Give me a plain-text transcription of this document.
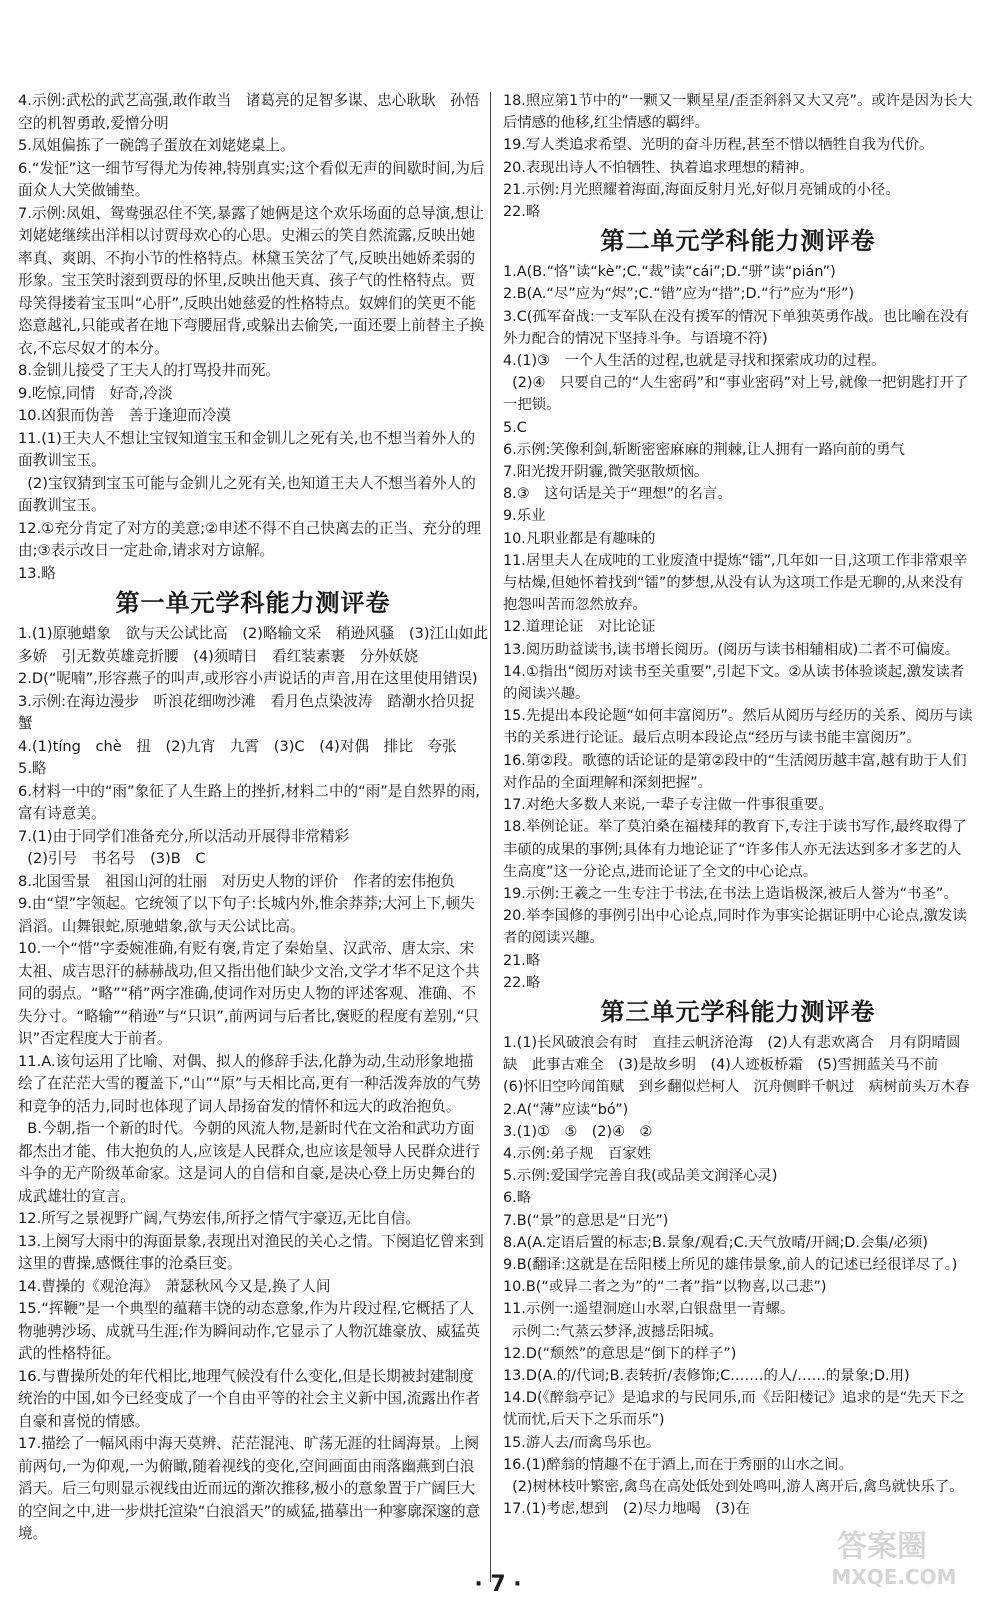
4.示例:武松的武艺高强,敢作敢当　诸葛亮的足智多谋、忠心耿耿　孙悟空的机智勇敢,爱憎分明
5.凤姐偏拣了一碗鸽子蛋放在刘姥姥桌上。
6.“发怔”这一细节写得尤为传神,特别真实;这个看似无声的间歇时间,为后面众人大笑做铺垫。
7.示例:凤姐、鸳鸯强忍住不笑,暴露了她俩是这个欢乐场面的总导演,想让刘姥姥继续出洋相以讨贾母欢心的心思。史湘云的笑自然流露,反映出她率真、爽朗、不拘小节的性格特点。林黛玉笑岔了气,反映出她娇柔弱的形象。宝玉笑时滚到贾母的怀里,反映出他天真、孩子气的性格特点。贾母笑得搂着宝玉叫“心肝”,反映出她慈爱的性格特点。奴婢们的笑更不能恣意越礼,只能或者在地下弯腰屈背,或躲出去偷笑,一面还要上前替主子换衣,不忘尽奴才的本分。
8.金钏儿接受了王夫人的打骂投井而死。
9.吃惊,同情　好奇,冷淡
10.凶狠而伪善　善于逢迎而冷漠
11.(1)王夫人不想让宝钗知道宝玉和金钏儿之死有关,也不想当着外人的面教训宝玉。
(2)宝钗猜到宝玉可能与金钏儿之死有关,也知道王夫人不想当着外人的面教训宝玉。
12.①充分肯定了对方的美意;②申述不得不自己快离去的正当、充分的理由;③表示改日一定赴命,请求对方谅解。
13.略
第一单元学科能力测评卷
1.(1)原驰蜡象　欲与天公试比高　(2)略输文采　稍逊风骚　(3)江山如此多娇　引无数英雄竞折腰　(4)须晴日　看红装素裹　分外妖娆
2.D(“呢喃”,形容燕子的叫声,或形容小声说话的声音,用在这里使用错误)
3.示例:在海边漫步　听浪花细吻沙滩　看月色点染波涛　踏潮水拾贝捉蟹
4.(1)tíng　chè　扭　(2)九宵　九霄　(3)C　(4)对偶　排比　夸张
5.略
6.材料一中的“雨”象征了人生路上的挫折,材料二中的“雨”是自然界的雨,富有诗意美。
7.(1)由于同学们准备充分,所以活动开展得非常精彩
(2)引号　书名号　(3)B　C
8.北国雪景　祖国山河的壮丽　对历史人物的评价　作者的宏伟抱负
9.由“望”字领起。它统领了以下句子:长城内外,惟余莽莽;大河上下,顿失滔滔。山舞银蛇,原驰蜡象,欲与天公试比高。
10.一个“惜”字委婉准确,有贬有褒,肯定了秦始皇、汉武帝、唐太宗、宋太祖、成吉思汗的赫赫战功,但又指出他们缺少文治,文学才华不足这个共同的弱点。“略”“稍”两字准确,使词作对历史人物的评述客观、准确、不失分寸。“略输”“稍逊”与“只识”,前两词与后者比,褒贬的程度有差别,“只识”否定程度大于前者。
11.A.该句运用了比喻、对偶、拟人的修辞手法,化静为动,生动形象地描绘了在茫茫大雪的覆盖下,“山”“原”与天相比高,更有一种活泼奔放的气势和竞争的活力,同时也体现了词人昂扬奋发的情怀和远大的政治抱负。
B.今朝,指一个新的时代。今朝的风流人物,是新时代在文治和武功方面都杰出才能、伟大抱负的人,应该是人民群众,也应该是领导人民群众进行斗争的无产阶级革命家。这是词人的自信和自豪,是决心登上历史舞台的成武雄壮的宣言。
12.所写之景视野广阔,气势宏伟,所抒之情气宇豪迈,无比自信。
13.上阕写大雨中的海面景象,表现出对渔民的关心之情。下阕追忆曾来到这里的曹操,感慨往事的沧桑巨变。
14.曹操的《观沧海》　萧瑟秋风今又是,换了人间
15.“挥鞭”是一个典型的蕴藉丰饶的动态意象,作为片段过程,它概括了人物驰骋沙场、成就马生涯;作为瞬间动作,它显示了人物沉雄豪放、威猛英武的性格特征。
16.与曹操所处的年代相比,地理气候没有什么变化,但是长期被封建制度统治的中国,如今已经变成了一个自由平等的社会主义新中国,流露出作者自豪和喜悦的情感。
17.描绘了一幅风雨中海天莫辨、茫茫混沌、旷荡无涯的壮阔海景。上阕前两句,一为仰观,一为俯瞰,随着视线的变化,空间画面由雨落幽燕到白浪滔天。后三句则显示视线由近而远的渐次推移,极小的意象置于广阔巨大的空间之中,进一步烘托渲染“白浪滔天”的威猛,描摹出一种寥廓深邃的意境。
18.照应第1节中的“一颗又一颗星星/歪歪斜斜又大又亮”。或许是因为长大后情感的他移,红尘情感的羁绊。
19.写人类追求希望、光明的奋斗历程,甚至不惜以牺牲自我为代价。
20.表现出诗人不怕牺牲、执着追求理想的精神。
21.示例:月光照耀着海面,海面反射月光,好似月亮铺成的小径。
22.略
第二单元学科能力测评卷
1.A(B.“恪”读“kè”;C.“裁”读“cái”;D.“骈”读“pián”)
2.B(A.“尽”应为“烬”;C.“错”应为“措”;D.“行”应为“形”)
3.C(孤军奋战:一支军队在没有援军的情况下单独英勇作战。也比喻在没有外力配合的情况下坚持斗争。与语境不符)
4.(1)③　一个人生活的过程,也就是寻找和探索成功的过程。
(2)④　只要自己的“人生密码”和“事业密码”对上号,就像一把钥匙打开了一把锁。
5.C
6.示例:笑像利剑,斩断密密麻麻的荆棘,让人拥有一路向前的勇气
7.阳光拨开阴霾,微笑驱散烦恼。
8.③　这句话是关于“理想”的名言。
9.乐业
10.凡职业都是有趣味的
11.居里夫人在成吨的工业废渣中提炼“镭”,几年如一日,这项工作非常艰辛与枯燥,但她怀着找到“镭”的梦想,从没有认为这项工作是无聊的,从来没有抱怨叫苦而忽然放弃。
12.道理论证　对比论证
13.阅历助益读书,读书增长阅历。(阅历与读书相辅相成)二者不可偏废。
14.①指出“阅历对读书至关重要”,引起下文。②从读书体验谈起,激发读者的阅读兴趣。
15.先提出本段论题“如何丰富阅历”。然后从阅历与经历的关系、阅历与读书的关系进行论证。最后点明本段论点“经历与读书能丰富阅历”。
16.第②段。歌德的话论证的是第②段中的“生活阅历越丰富,越有助于人们对作品的全面理解和深刻把握”。
17.对绝大多数人来说,一辈子专注做一件事很重要。
18.举例论证。举了莫泊桑在福楼拜的教育下,专注于读书写作,最终取得了丰硕的成果的事例;具体有力地论证了“许多伟人亦无法达到多才多艺的人生高度”这一分论点,进而论证了全文的中心论点。
19.示例:王羲之一生专注于书法,在书法上造诣极深,被后人誉为“书圣”。
20.举李国修的事例引出中心论点,同时作为事实论据证明中心论点,激发读者的阅读兴趣。
21.略
22.略
第三单元学科能力测评卷
1.(1)长风破浪会有时　直挂云帆济沧海　(2)人有悲欢离合　月有阴晴圆缺　此事古难全　(3)是故乡明　(4)人迹板桥霜　(5)雪拥蓝关马不前　(6)怀旧空吟闻笛赋　到乡翻似烂柯人　沉舟侧畔千帆过　病树前头万木春
2.A(“薄”应读“bó”)
3.(1)①　⑤　(2)④　②
4.示例:弟子规　百家姓
5.示例:爱国学完善自我(或品美文润泽心灵)
6.略
7.B(“景”的意思是“日光”)
8.A(A.定语后置的标志;B.景象/观看;C.天气放晴/开阔;D.会集/必须)
9.B(翻译:这就是在岳阳楼上所见的雄伟景象,前人的记述已经很详尽了。)
10.B(“或异二者之为”的“二者”指“以物喜,以己悲”)
11.示例一:遥望洞庭山水翠,白银盘里一青螺。
示例二:气蒸云梦泽,波撼岳阳城。
12.D(“颓然”的意思是“倒下的样子”)
13.D(A.的/代词;B.表转折/表修饰;C.……的人/……的景象;D.用)
14.D(《醉翁亭记》是追求的与民同乐,而《岳阳楼记》追求的是“先天下之忧而忧,后天下之乐而乐”)
15.游人去/而禽鸟乐也。
16.(1)醉翁的情趣不在于酒上,而在于秀丽的山水之间。
(2)树林枝叶繁密,禽鸟在高处低处到处鸣叫,游人离开后,禽鸟就快乐了。
17.(1)考虑,想到　(2)尽力地喝　(3)在
· 7 ·
答案圈
MXQE.COM
